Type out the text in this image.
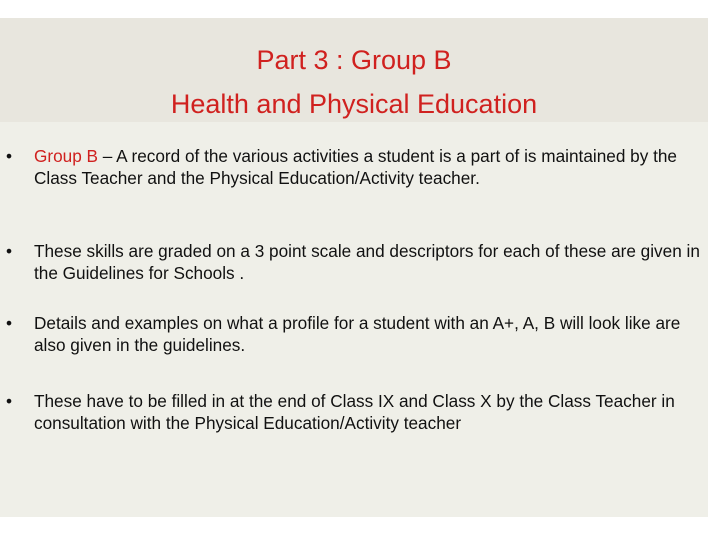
Part 3 : Group B
Health and Physical Education
•	Group B – A record of the various activities a student is a part of is maintained by the Class Teacher and the Physical Education/Activity teacher.
•	These skills are graded on a 3 point scale and descriptors for each of these are given in the Guidelines for Schools .
•	Details and examples on what a profile for a student with an A+, A, B will look like are also given in the guidelines.
•	These have to be filled in at the end of Class IX and Class X by the Class Teacher in consultation with the Physical Education/Activity teacher
